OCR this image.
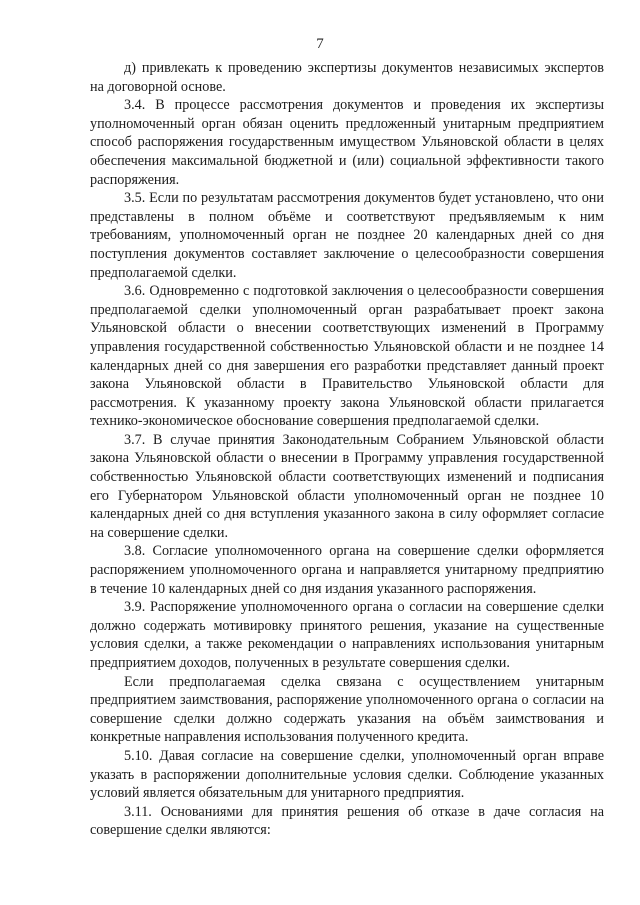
7

д) привлекать к проведению экспертизы документов независимых экспертов на договорной основе.

3.4. В процессе рассмотрения документов и проведения их экспертизы уполномоченный орган обязан оценить предложенный унитарным предприятием способ распоряжения государственным имуществом Ульяновской области в целях обеспечения максимальной бюджетной и (или) социальной эффективности такого распоряжения.

3.5. Если по результатам рассмотрения документов будет установлено, что они представлены в полном объёме и соответствуют предъявляемым к ним требованиям, уполномоченный орган не позднее 20 календарных дней со дня поступления документов составляет заключение о целесообразности совершения предполагаемой сделки.

3.6. Одновременно с подготовкой заключения о целесообразности совершения предполагаемой сделки уполномоченный орган разрабатывает проект закона Ульяновской области о внесении соответствующих изменений в Программу управления государственной собственностью Ульяновской области и не позднее 14 календарных дней со дня завершения его разработки представляет данный проект закона Ульяновской области в Правительство Ульяновской области для рассмотрения. К указанному проекту закона Ульяновской области прилагается технико-экономическое обоснование совершения предполагаемой сделки.

3.7. В случае принятия Законодательным Собранием Ульяновской области закона Ульяновской области о внесении в Программу управления государственной собственностью Ульяновской области соответствующих изменений и подписания его Губернатором Ульяновской области уполномоченный орган не позднее 10 календарных дней со дня вступления указанного закона в силу оформляет согласие на совершение сделки.

3.8. Согласие уполномоченного органа на совершение сделки оформляется распоряжением уполномоченного органа и направляется унитарному предприятию в течение 10 календарных дней со дня издания указанного распоряжения.

3.9. Распоряжение уполномоченного органа о согласии на совершение сделки должно содержать мотивировку принятого решения, указание на существенные условия сделки, а также рекомендации о направлениях использования унитарным предприятием доходов, полученных в результате совершения сделки.

Если предполагаемая сделка связана с осуществлением унитарным предприятием заимствования, распоряжение уполномоченного органа о согласии на совершение сделки должно содержать указания на объём заимствования и конкретные направления использования полученного кредита.

5.10. Давая согласие на совершение сделки, уполномоченный орган вправе указать в распоряжении дополнительные условия сделки. Соблюдение указанных условий является обязательным для унитарного предприятия.

3.11. Основаниями для принятия решения об отказе в даче согласия на совершение сделки являются:
